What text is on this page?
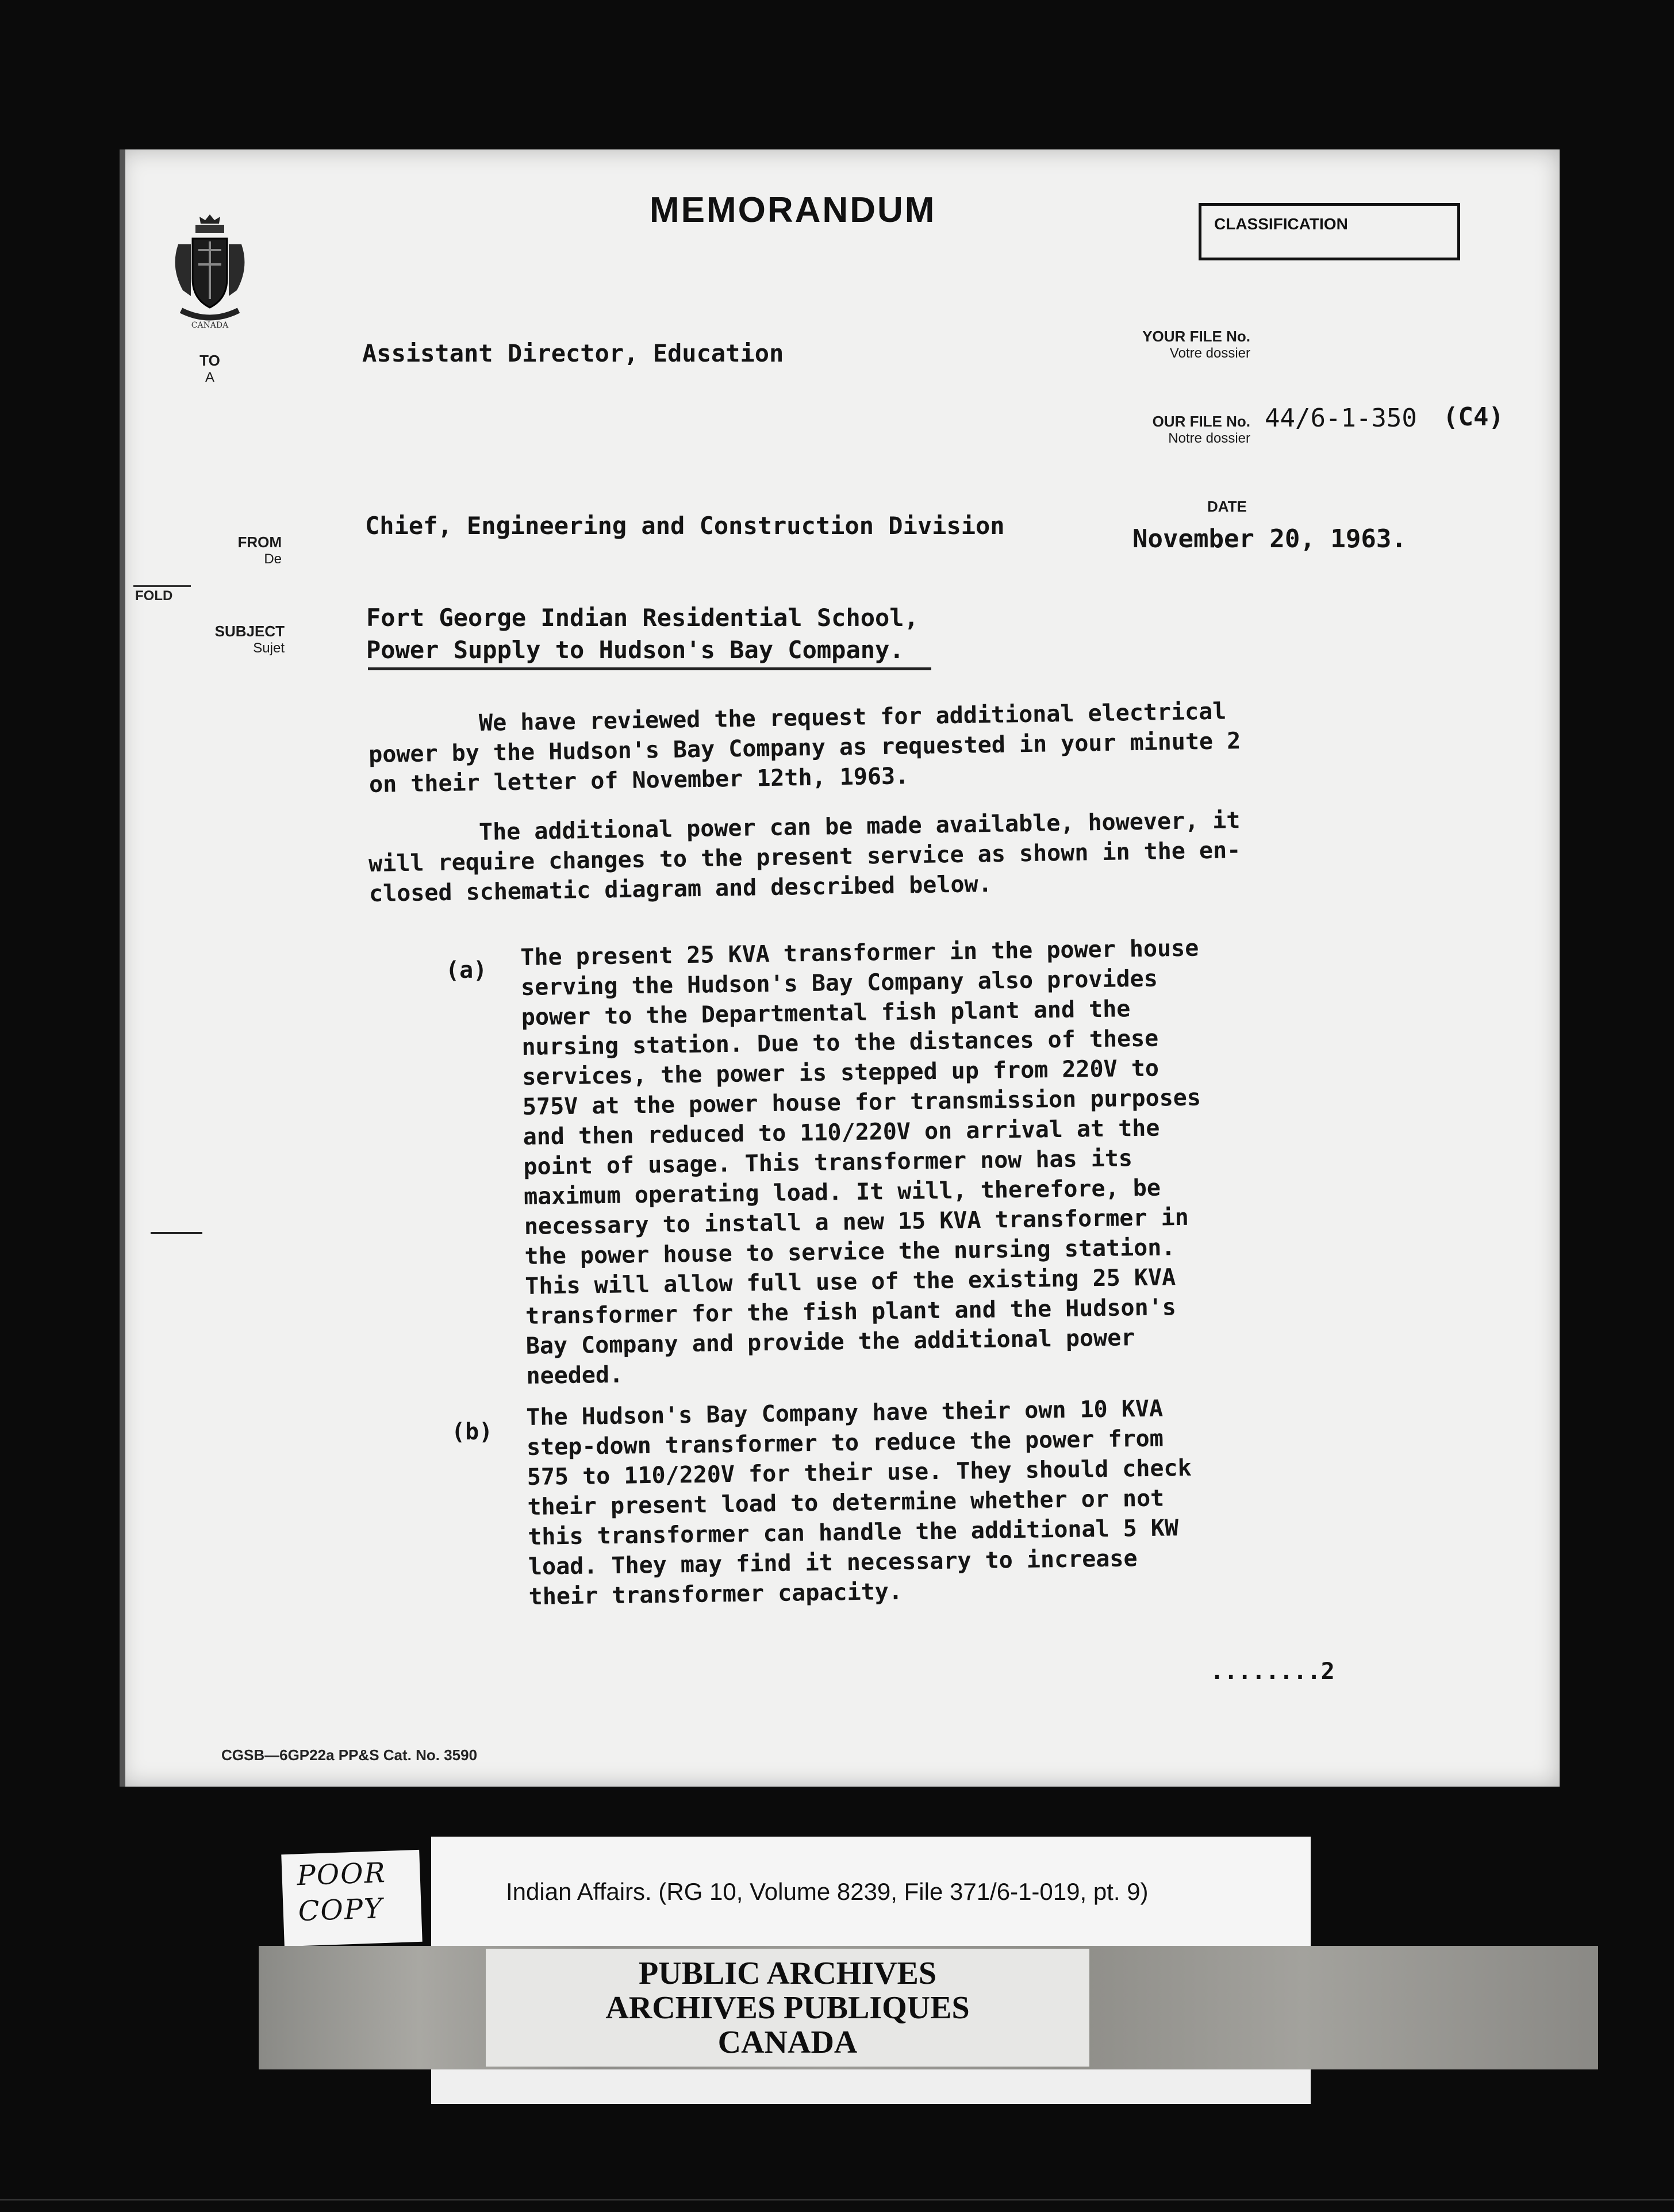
CANADA
MEMORANDUM	CLASSIFICATION
TO
A
Assistant Director, Education
YOUR FILE No.
Votre dossier
OUR FILE No.
Notre dossier
44/6-1-350 (C4)
DATE
November 20, 1963.
FROM
De
Chief, Engineering and Construction Division
FOLD
SUBJECT
Sujet
Fort George Indian Residential School,
Power Supply to Hudson's Bay Company.
We have reviewed the request for additional electrical
power by the Hudson's Bay Company as requested in your minute 2
on their letter of November 12th, 1963.
The additional power can be made available, however, it
will require changes to the present service as shown in the en-
closed schematic diagram and described below.
(a) The present 25 KVA transformer in the power house
serving the Hudson's Bay Company also provides
power to the Departmental fish plant and the
nursing station. Due to the distances of these
services, the power is stepped up from 220V to
575V at the power house for transmission purposes
and then reduced to 110/220V on arrival at the
point of usage. This transformer now has its
maximum operating load. It will, therefore, be
necessary to install a new 15 KVA transformer in
the power house to service the nursing station.
This will allow full use of the existing 25 KVA
transformer for the fish plant and the Hudson's
Bay Company and provide the additional power
needed.
(b)
The Hudson's Bay Company have their own 10 KVA
step-down transformer to reduce the power from
575 to 110/220V for their use. They should check
their present load to determine whether or not
this transformer can handle the additional 5 KW
load. They may find it necessary to increase
their transformer capacity.
........2
CGSB—6GP22a PP&S Cat. No. 3590
POOR
COPY
Indian Affairs. (RG 10, Volume 8239, File 371/6-1-019, pt. 9)
PUBLIC ARCHIVES
ARCHIVES PUBLIQUES
CANADA
